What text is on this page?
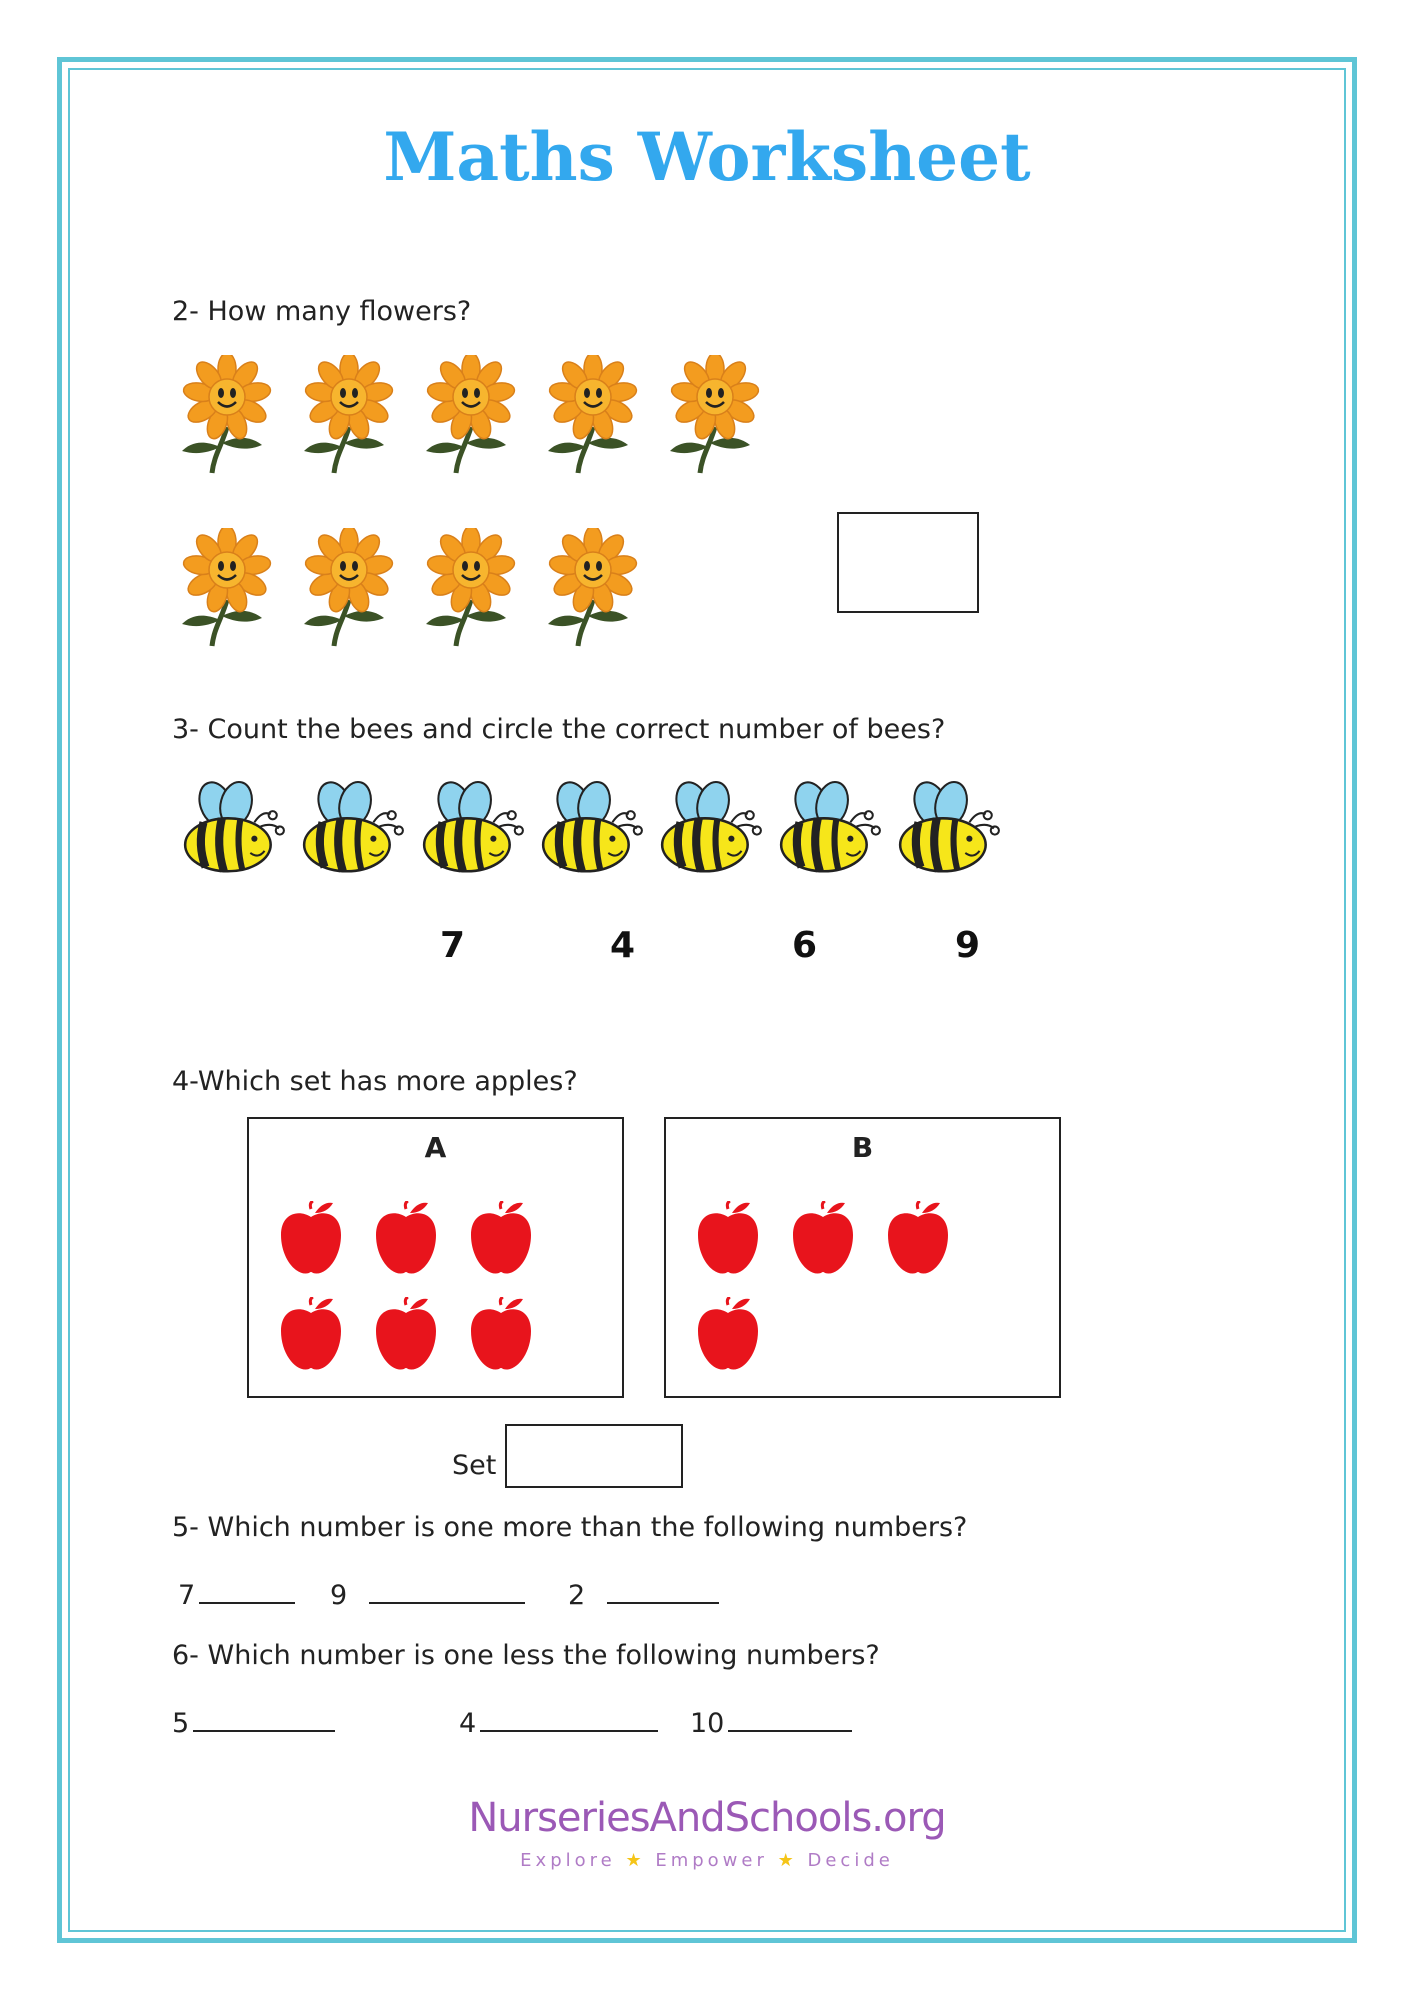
Maths Worksheet
2- How many flowers?
3- Count the bees and circle the correct number of bees?
7	4	6	9
4-Which set has more apples?
A	B
Set
5- Which number is one more than the following numbers?
7	9	2
6- Which number is one less the following numbers?
5	4	10
NurseriesAndSchools.org
Explore ★ Empower ★ Decide
